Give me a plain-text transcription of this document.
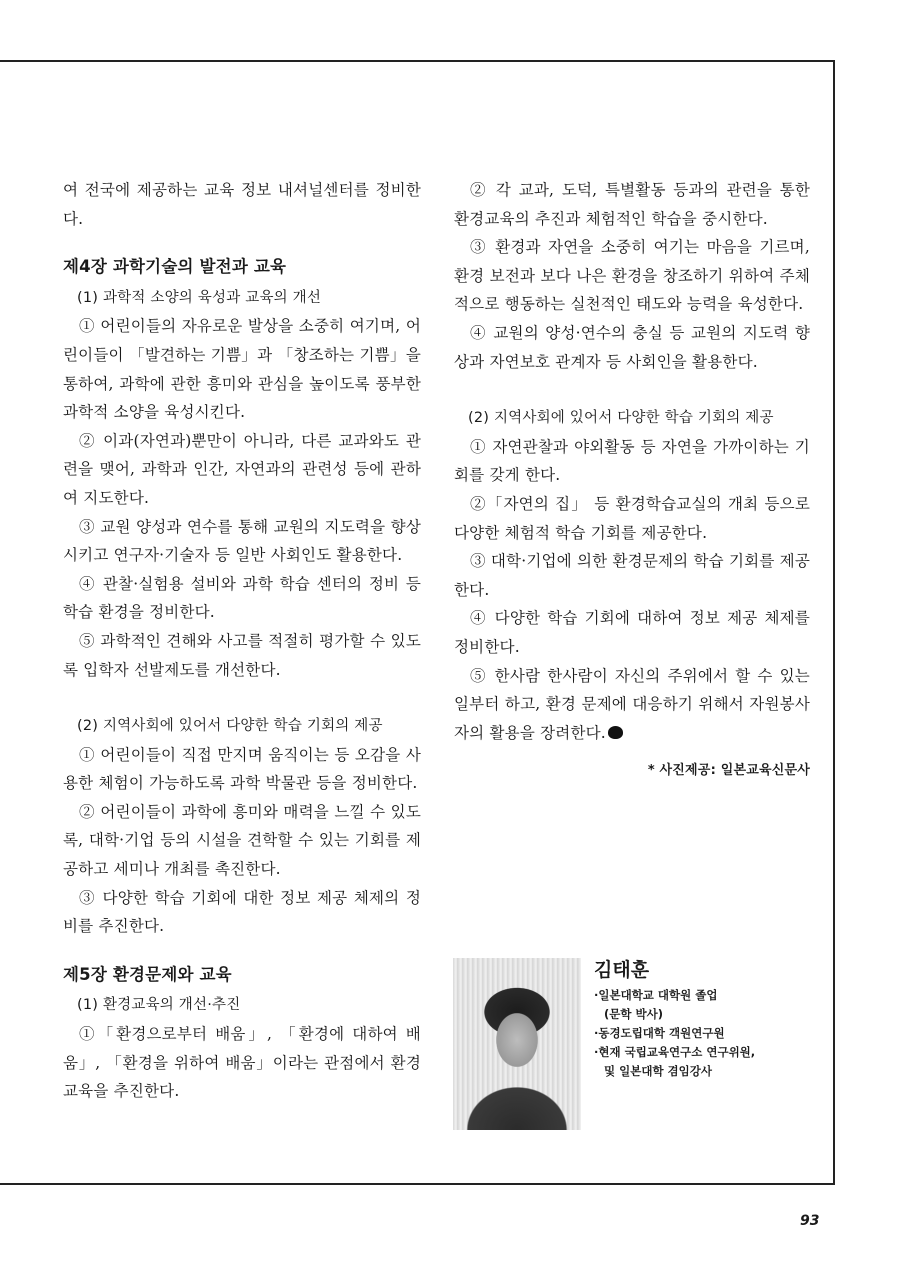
여 전국에 제공하는 교육 정보 내셔널센터를 정비한다.

제4장 과학기술의 발전과 교육

(1) 과학적 소양의 육성과 교육의 개선

① 어린이들의 자유로운 발상을 소중히 여기며, 어린이들이 「발견하는 기쁨」과 「창조하는 기쁨」을 통하여, 과학에 관한 흥미와 관심을 높이도록 풍부한 과학적 소양을 육성시킨다.

② 이과(자연과)뿐만이 아니라, 다른 교과와도 관련을 맺어, 과학과 인간, 자연과의 관련성 등에 관하여 지도한다.

③ 교원 양성과 연수를 통해 교원의 지도력을 향상시키고 연구자·기술자 등 일반 사회인도 활용한다.

④ 관찰·실험용 설비와 과학 학습 센터의 정비 등 학습 환경을 정비한다.

⑤ 과학적인 견해와 사고를 적절히 평가할 수 있도록 입학자 선발제도를 개선한다.

(2) 지역사회에 있어서 다양한 학습 기회의 제공

① 어린이들이 직접 만지며 움직이는 등 오감을 사용한 체험이 가능하도록 과학 박물관 등을 정비한다.

② 어린이들이 과학에 흥미와 매력을 느낄 수 있도록, 대학·기업 등의 시설을 견학할 수 있는 기회를 제공하고 세미나 개최를 촉진한다.

③ 다양한 학습 기회에 대한 정보 제공 체제의 정비를 추진한다.

제5장 환경문제와 교육

(1) 환경교육의 개선·추진

①「환경으로부터 배움」, 「환경에 대하여 배움」, 「환경을 위하여 배움」이라는 관점에서 환경교육을 추진한다.

② 각 교과, 도덕, 특별활동 등과의 관련을 통한 환경교육의 추진과 체험적인 학습을 중시한다.

③ 환경과 자연을 소중히 여기는 마음을 기르며, 환경 보전과 보다 나은 환경을 창조하기 위하여 주체적으로 행동하는 실천적인 태도와 능력을 육성한다.

④ 교원의 양성·연수의 충실 등 교원의 지도력 향상과 자연보호 관계자 등 사회인을 활용한다.

(2) 지역사회에 있어서 다양한 학습 기회의 제공

① 자연관찰과 야외활동 등 자연을 가까이하는 기회를 갖게 한다.

②「자연의 집」 등 환경학습교실의 개최 등으로 다양한 체험적 학습 기회를 제공한다.

③ 대학·기업에 의한 환경문제의 학습 기회를 제공한다.

④ 다양한 학습 기회에 대하여 정보 제공 체제를 정비한다.

⑤ 한사람 한사람이 자신의 주위에서 할 수 있는 일부터 하고, 환경 문제에 대응하기 위해서 자원봉사자의 활용을 장려한다.

* 사진제공: 일본교육신문사

김태훈
·일본대학교 대학원 졸업
(문학 박사)
·동경도립대학 객원연구원
·현재 국립교육연구소 연구위원,
및 일본대학 겸임강사
93
